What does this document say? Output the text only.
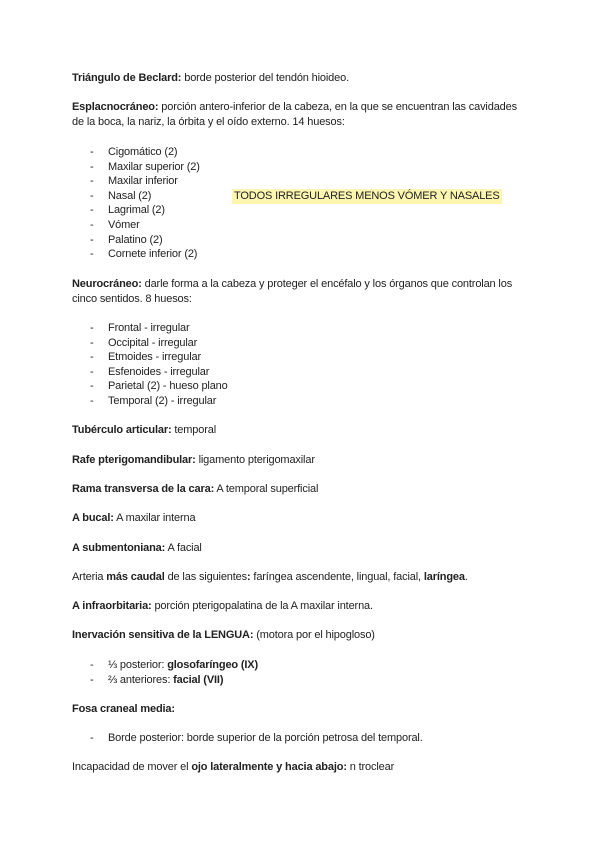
Triángulo de Beclard: borde posterior del tendón hioideo.

Esplacnocráneo: porción antero-inferior de la cabeza, en la que se encuentran las cavidades de la boca, la nariz, la órbita y el oído externo. 14 huesos:

- Cigomático (2)
- Maxilar superior (2)
- Maxilar inferior
- Nasal (2)
- Lagrimal (2)
- Vómer
- Palatino (2)
- Cornete inferior (2)
TODOS IRREGULARES MENOS VÓMER Y NASALES

Neurocráneo: darle forma a la cabeza y proteger el encéfalo y los órganos que controlan los cinco sentidos. 8 huesos:

- Frontal - irregular
- Occipital - irregular
- Etmoides - irregular
- Esfenoides - irregular
- Parietal (2) - hueso plano
- Temporal (2) - irregular

Tubérculo articular: temporal

Rafe pterigomandibular: ligamento pterigomaxilar

Rama transversa de la cara: A temporal superficial

A bucal: A maxilar interna

A submentoniana: A facial

Arteria más caudal de las siguientes: faríngea ascendente, lingual, facial, laríngea.

A infraorbitaria: porción pterigopalatina de la A maxilar interna.

Inervación sensitiva de la LENGUA: (motora por el hipogloso)

- ⅓ posterior: glosofaríngeo (IX)
- ⅔ anteriores: facial (VII)

Fosa craneal media:

- Borde posterior: borde superior de la porción petrosa del temporal.

Incapacidad de mover el ojo lateralmente y hacia abajo: n troclear
